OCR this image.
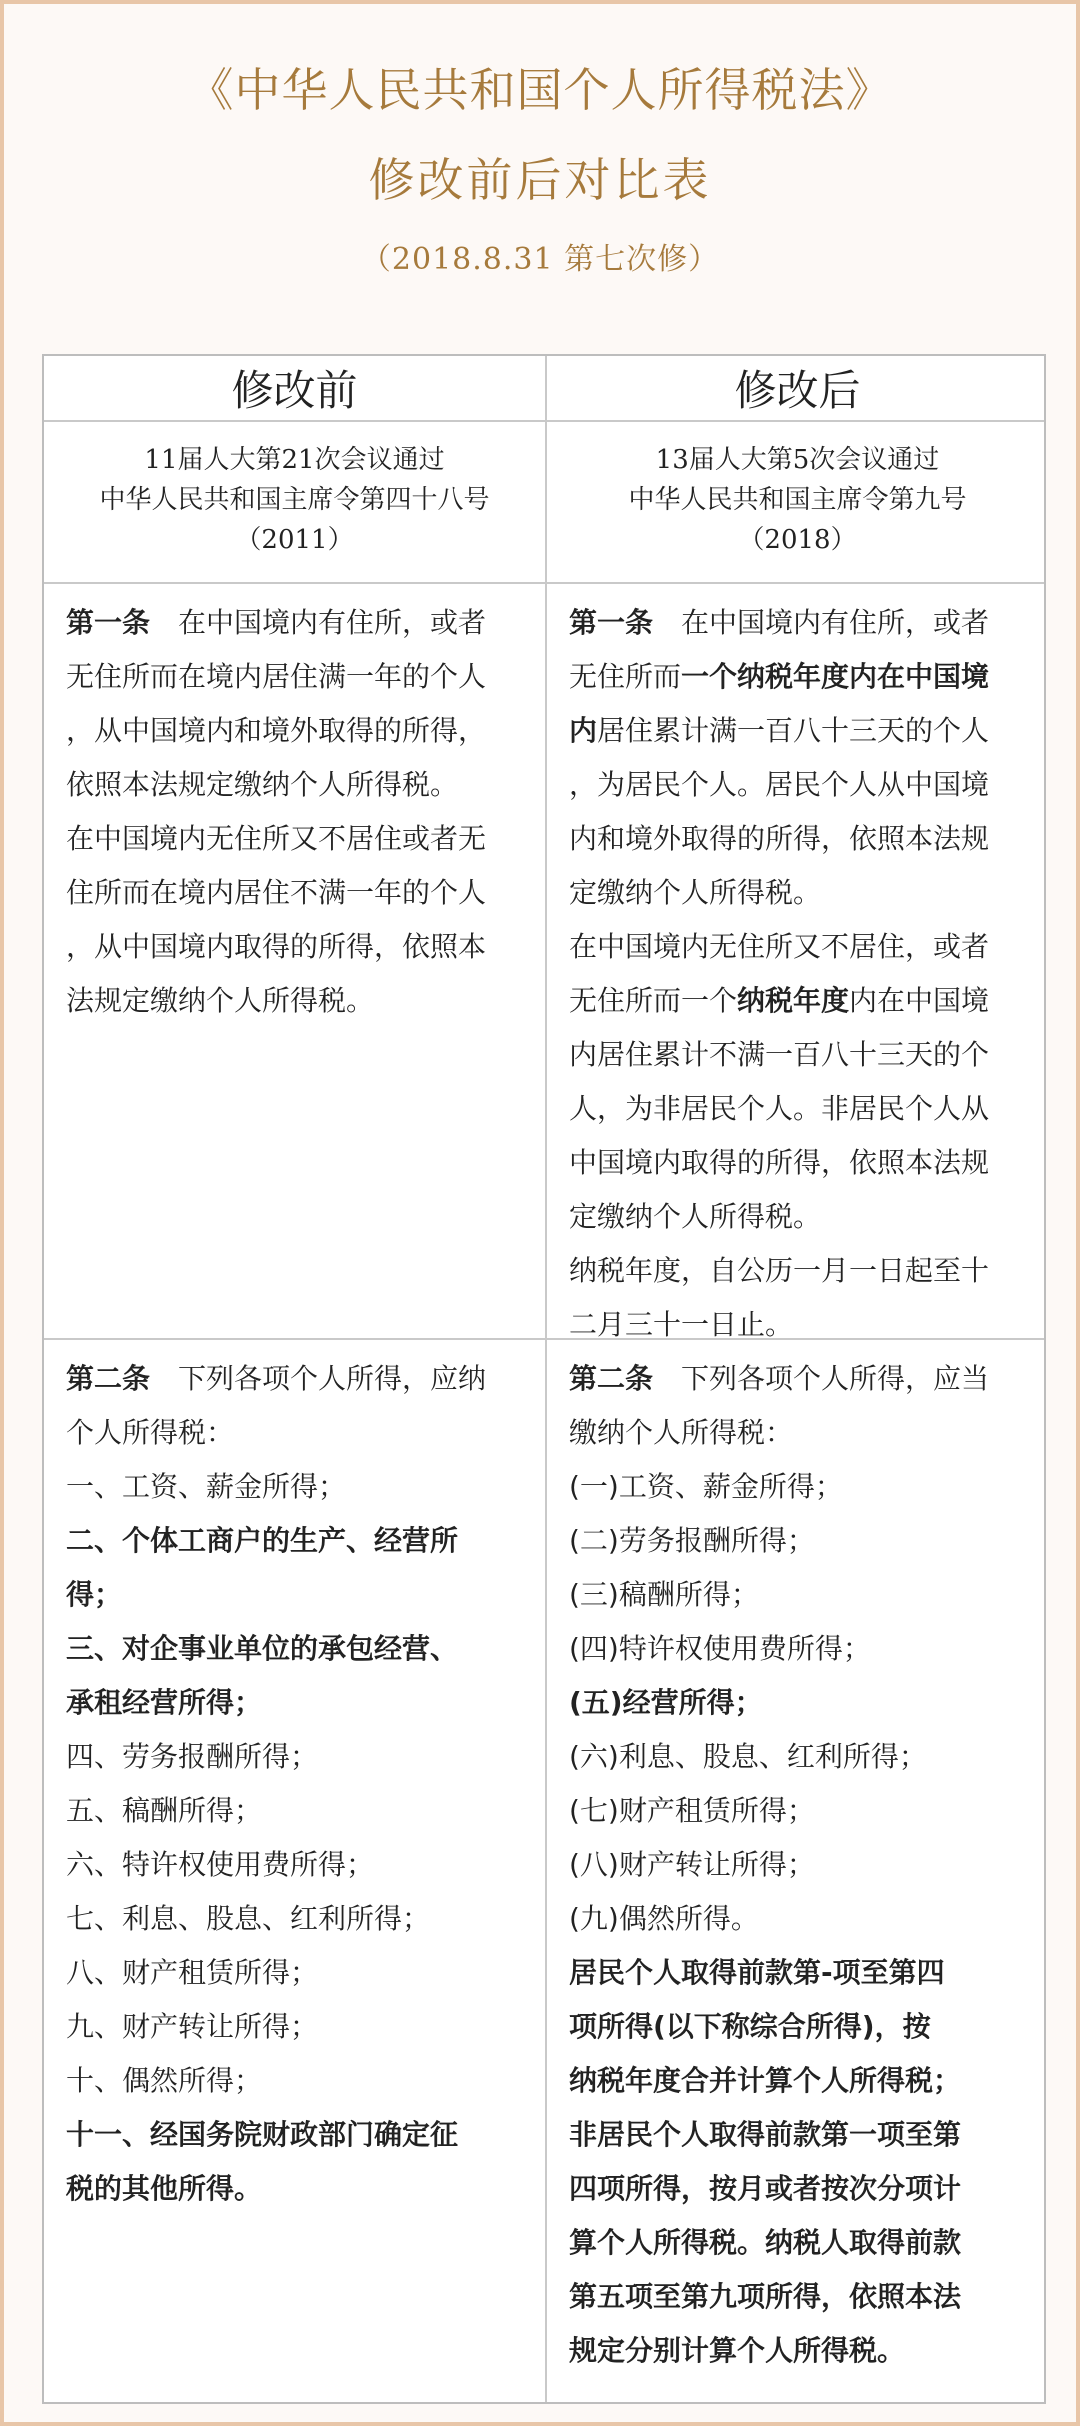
《中华人民共和国个人所得税法》
修改前后对比表
（2018.8.31 第七次修）
修改前	修改后
11届人大第21次会议通过
中华人民共和国主席令第四十八号
（2011）
13届人大第5次会议通过
中华人民共和国主席令第九号
（2018）
第一条　在中国境内有住所，或者
无住所而在境内居住满一年的个人
，从中国境内和境外取得的所得，
依照本法规定缴纳个人所得税。
在中国境内无住所又不居住或者无
住所而在境内居住不满一年的个人
，从中国境内取得的所得，依照本
法规定缴纳个人所得税。
第一条　在中国境内有住所，或者
无住所而一个纳税年度内在中国境
内居住累计满一百八十三天的个人
，为居民个人。居民个人从中国境
内和境外取得的所得，依照本法规
定缴纳个人所得税。
在中国境内无住所又不居住，或者
无住所而一个纳税年度内在中国境
内居住累计不满一百八十三天的个
人，为非居民个人。非居民个人从
中国境内取得的所得，依照本法规
定缴纳个人所得税。
纳税年度，自公历一月一日起至十
二月三十一日止。
第二条　下列各项个人所得，应纳
个人所得税：
一、工资、薪金所得；
二、个体工商户的生产、经营所
得；
三、对企事业单位的承包经营、
承租经营所得；
四、劳务报酬所得；
五、稿酬所得；
六、特许权使用费所得；
七、利息、股息、红利所得；
八、财产租赁所得；
九、财产转让所得；
十、偶然所得；
十一、经国务院财政部门确定征
税的其他所得。
第二条　下列各项个人所得，应当
缴纳个人所得税：
(一)工资、薪金所得；
(二)劳务报酬所得；
(三)稿酬所得；
(四)特许权使用费所得；
(五)经营所得；
(六)利息、股息、红利所得；
(七)财产租赁所得；
(八)财产转让所得；
(九)偶然所得。
居民个人取得前款第-项至第四
项所得(以下称综合所得)，按
纳税年度合并计算个人所得税；
非居民个人取得前款第一项至第
四项所得，按月或者按次分项计
算个人所得税。纳税人取得前款
第五项至第九项所得，依照本法
规定分别计算个人所得税。
